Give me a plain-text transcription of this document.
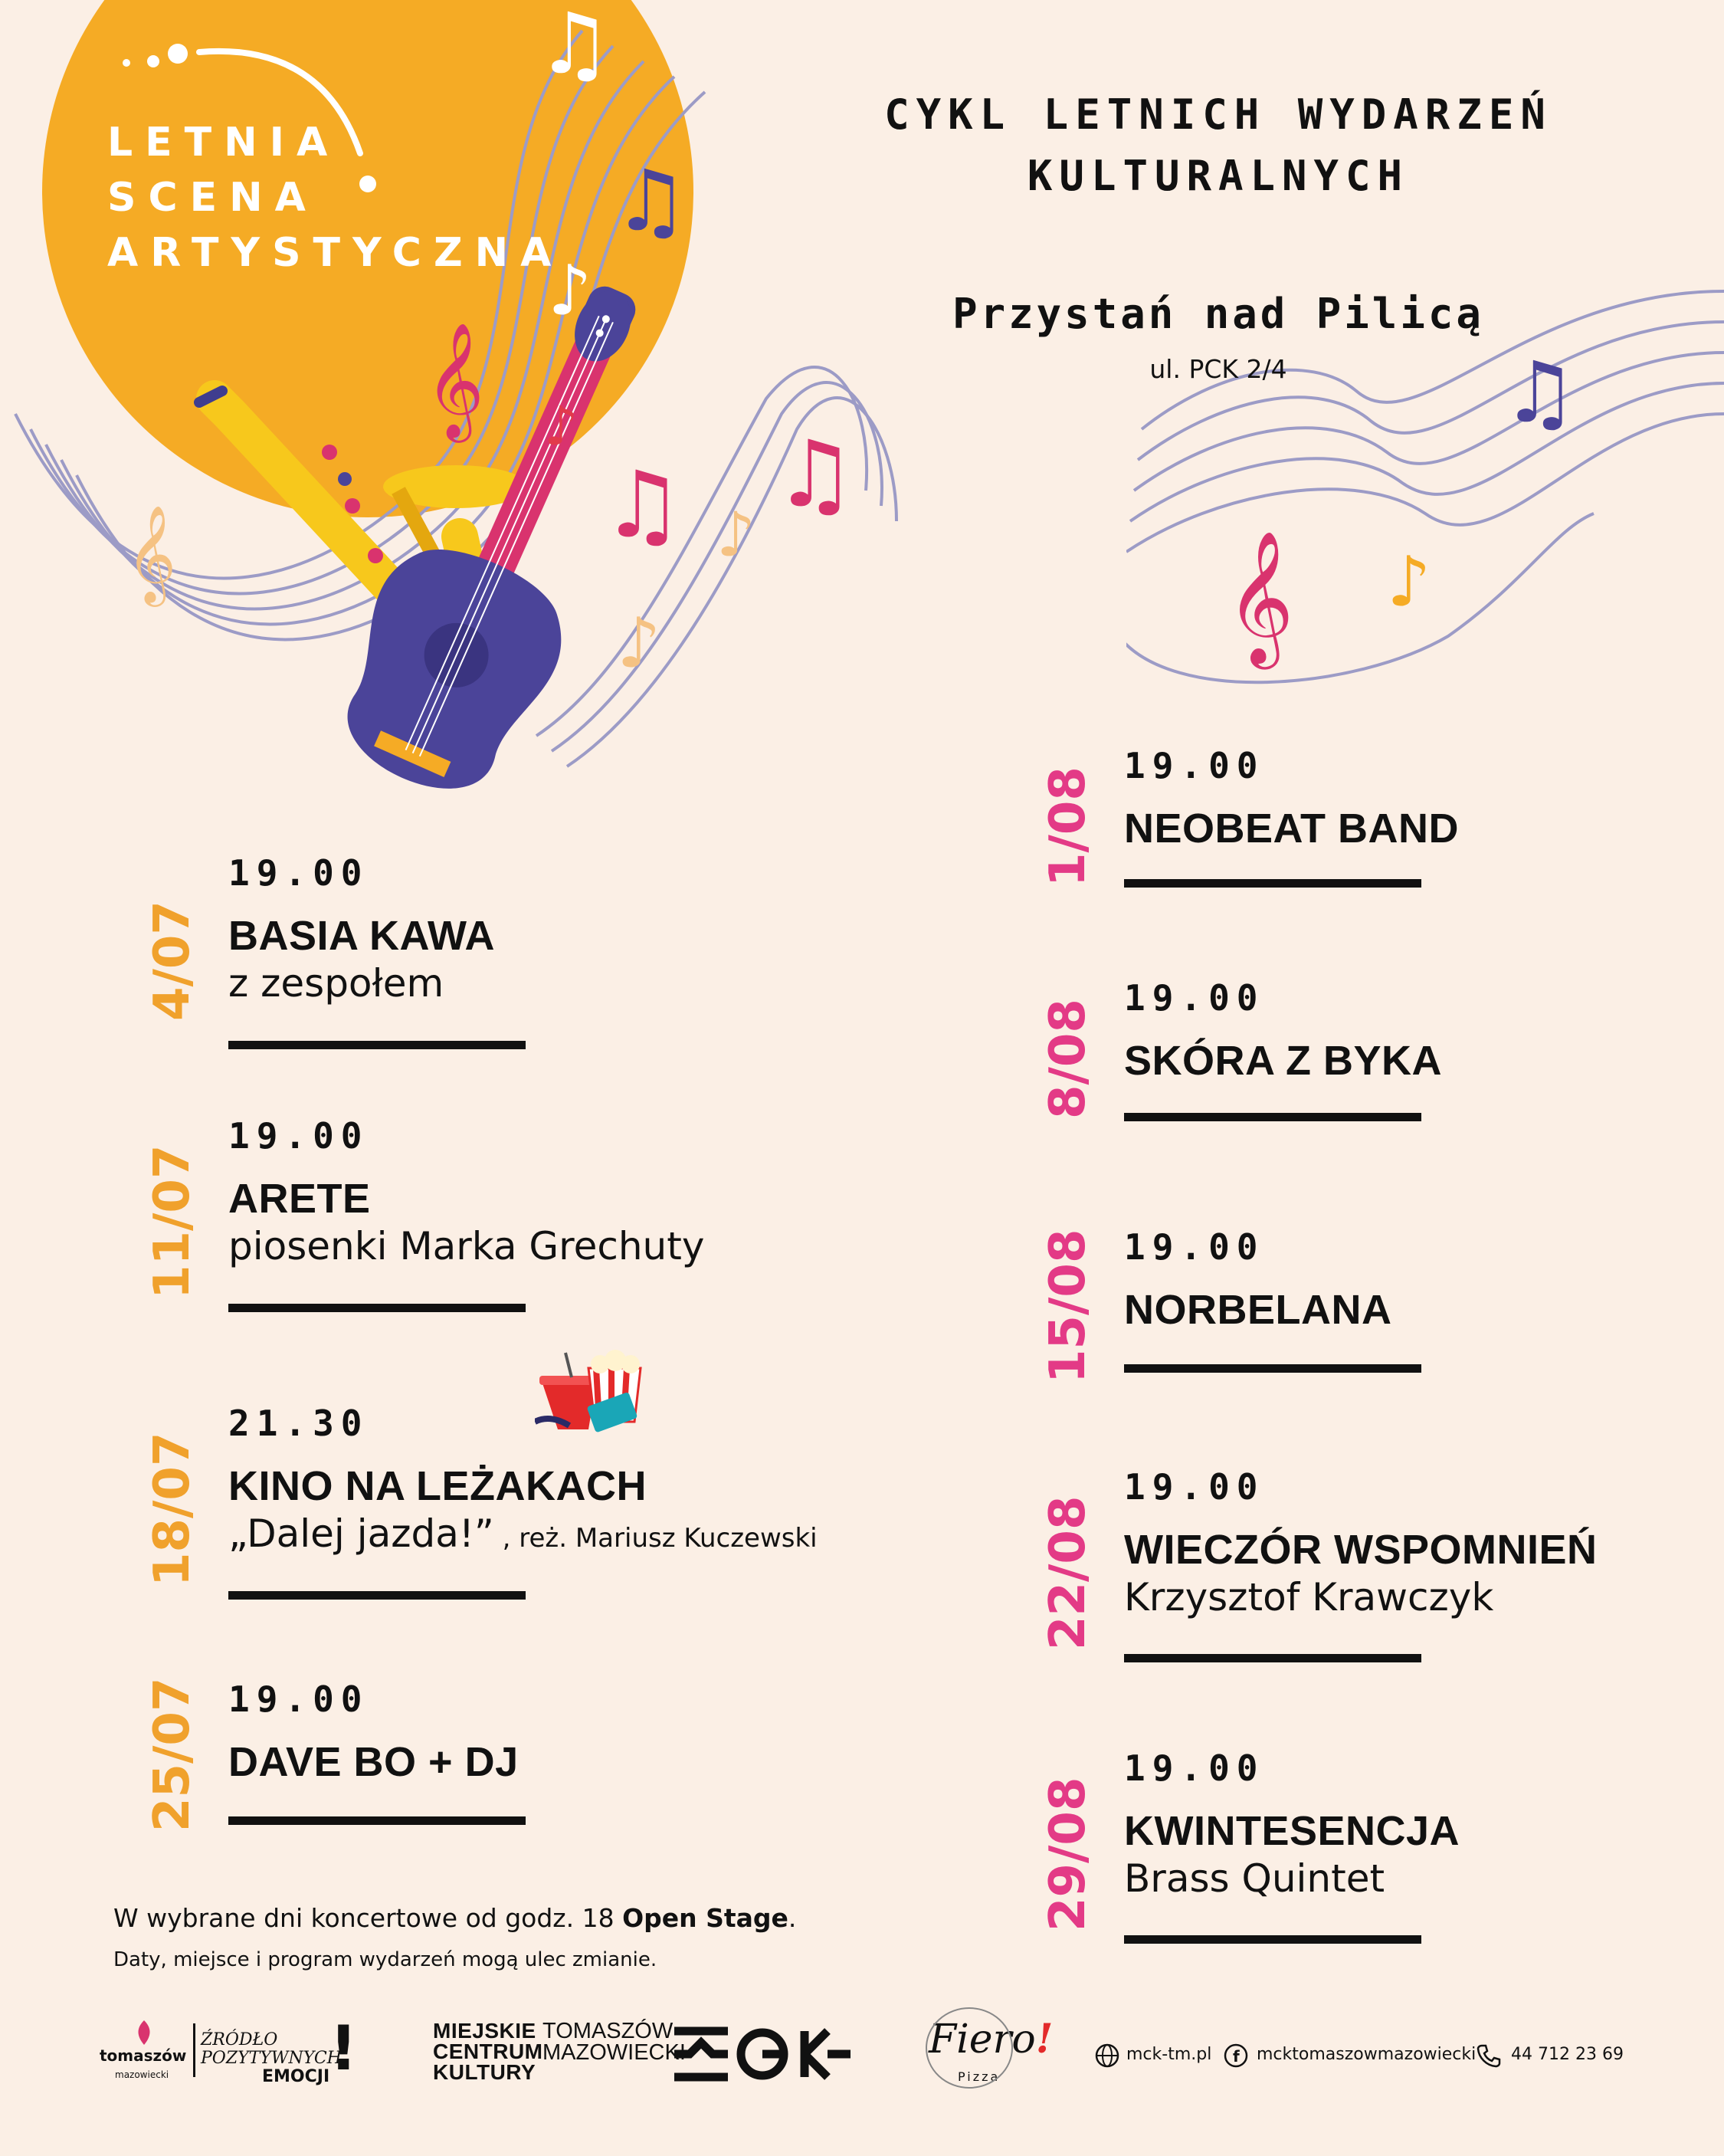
𝄞
𝄞
♫
♫
♪
♪
♫ ♫
♪
♪
♫
𝄞 ♪
LETNIA
SCENA
ARTYSTYCZNA
CYKL LETNICH WYDARZEŃ
KULTURALNYCH
Przystań nad Pilicą
ul. PCK 2/4
4/07
19.00
BASIA KAWA
z zespołem
11/07
19.00
ARETE
piosenki Marka Grechuty
18/07
21.30
KINO NA LEŻAKACH
„Dalej jazda!” , reż. Mariusz Kuczewski
25/07 19.00
DAVE BO + DJ
1/08
19.00
NEOBEAT BAND
8/08
19.00
SKÓRA Z BYKA
15/08 19.00
NORBELANA
22/08
19.00
WIECZÓR WSPOMNIEŃ
Krzysztof Krawczyk
29/08
19.00
KWINTESENCJA
Brass Quintet
W wybrane dni koncertowe od godz. 18 Open Stage.
Daty, miejsce i program wydarzeń mogą ulec zmianie.
tomaszów
mazowiecki
ŹRÓDŁO
POZYTYWNYCH
EMOCJI !	MIEJSKIE
CENTRUM
KULTURY
TOMASZÓW
MAZOWIECKI	Fiero!
Pizza
mck-tm.pl f mcktomaszowmazowiecki 44 712 23 69
